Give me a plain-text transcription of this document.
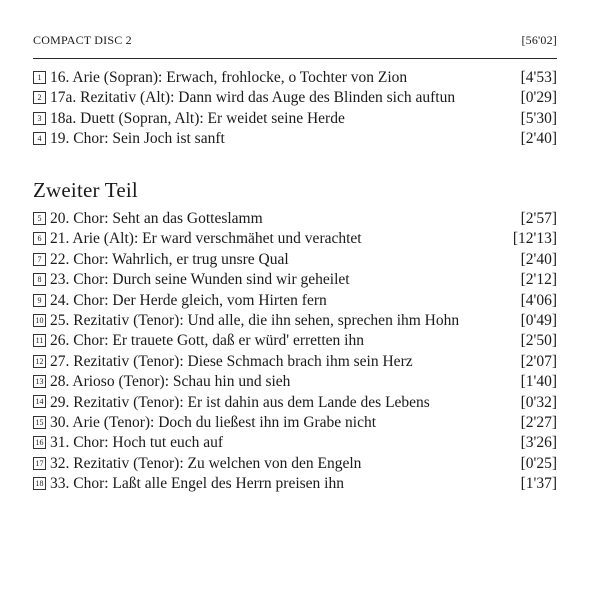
COMPACT DISC 2	[56'02]
1 16. Arie (Sopran): Erwach, frohlocke, o Tochter von Zion	[4'53]
2 17a. Rezitativ (Alt): Dann wird das Auge des Blinden sich auftun	[0'29]
3 18a. Duett (Sopran, Alt): Er weidet seine Herde	[5'30]
4 19. Chor: Sein Joch ist sanft	[2'40]
Zweiter Teil
5 20. Chor: Seht an das Gotteslamm	[2'57]
6 21. Arie (Alt): Er ward verschmähet und verachtet	[12'13]
7 22. Chor: Wahrlich, er trug unsre Qual	[2'40]
8 23. Chor: Durch seine Wunden sind wir geheilet	[2'12]
9 24. Chor: Der Herde gleich, vom Hirten fern	[4'06]
10 25. Rezitativ (Tenor): Und alle, die ihn sehen, sprechen ihm Hohn	[0'49]
11 26. Chor: Er trauete Gott, daß er würd' erretten ihn	[2'50]
12 27. Rezitativ (Tenor): Diese Schmach brach ihm sein Herz	[2'07]
13 28. Arioso (Tenor): Schau hin und sieh	[1'40]
14 29. Rezitativ (Tenor): Er ist dahin aus dem Lande des Lebens	[0'32]
15 30. Arie (Tenor): Doch du ließest ihn im Grabe nicht	[2'27]
16 31. Chor: Hoch tut euch auf	[3'26]
17 32. Rezitativ (Tenor): Zu welchen von den Engeln	[0'25]
18 33. Chor: Laßt alle Engel des Herrn preisen ihn	[1'37]
